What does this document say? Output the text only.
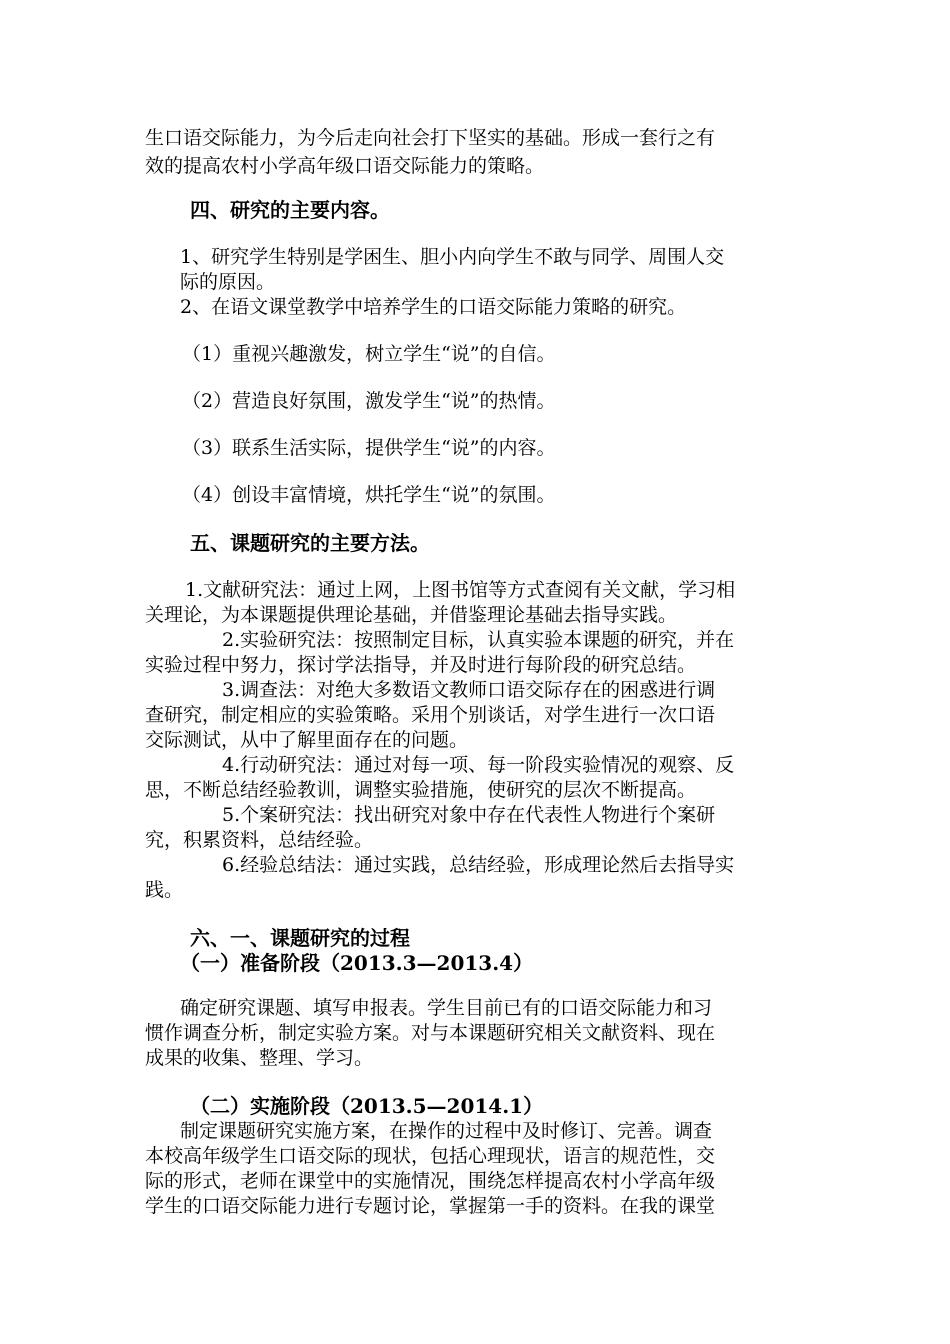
生口语交际能力，为今后走向社会打下坚实的基础。形成一套行之有
效的提高农村小学高年级口语交际能力的策略。
四、研究的主要内容。
1、研究学生特别是学困生、胆小内向学生不敢与同学、周围人交
际的原因。
2、在语文课堂教学中培养学生的口语交际能力策略的研究。
（1）重视兴趣激发，树立学生“说”的自信。
（2）营造良好氛围，激发学生“说”的热情。
（3）联系生活实际，提供学生“说”的内容。
（4）创设丰富情境，烘托学生“说”的氛围。
五、课题研究的主要方法。
1.文献研究法：通过上网，上图书馆等方式查阅有关文献，学习相
关理论，为本课题提供理论基础，并借鉴理论基础去指导实践。
2.实验研究法：按照制定目标，认真实验本课题的研究，并在
实验过程中努力，探讨学法指导，并及时进行每阶段的研究总结。
3.调查法：对绝大多数语文教师口语交际存在的困惑进行调
查研究，制定相应的实验策略。采用个别谈话，对学生进行一次口语
交际测试，从中了解里面存在的问题。
4.行动研究法：通过对每一项、每一阶段实验情况的观察、反
思，不断总结经验教训，调整实验措施，使研究的层次不断提高。
5.个案研究法：找出研究对象中存在代表性人物进行个案研
究，积累资料，总结经验。
6.经验总结法：通过实践，总结经验，形成理论然后去指导实
践。
六、一、课题研究的过程
（一）准备阶段（2013.3—2013.4）
确定研究课题、填写申报表。学生目前已有的口语交际能力和习
惯作调查分析，制定实验方案。对与本课题研究相关文献资料、现在
成果的收集、整理、学习。
（二）实施阶段（2013.5—2014.1）
制定课题研究实施方案，在操作的过程中及时修订、完善。调查
本校高年级学生口语交际的现状，包括心理现状，语言的规范性，交
际的形式，老师在课堂中的实施情况，围绕怎样提高农村小学高年级
学生的口语交际能力进行专题讨论，掌握第一手的资料。在我的课堂
